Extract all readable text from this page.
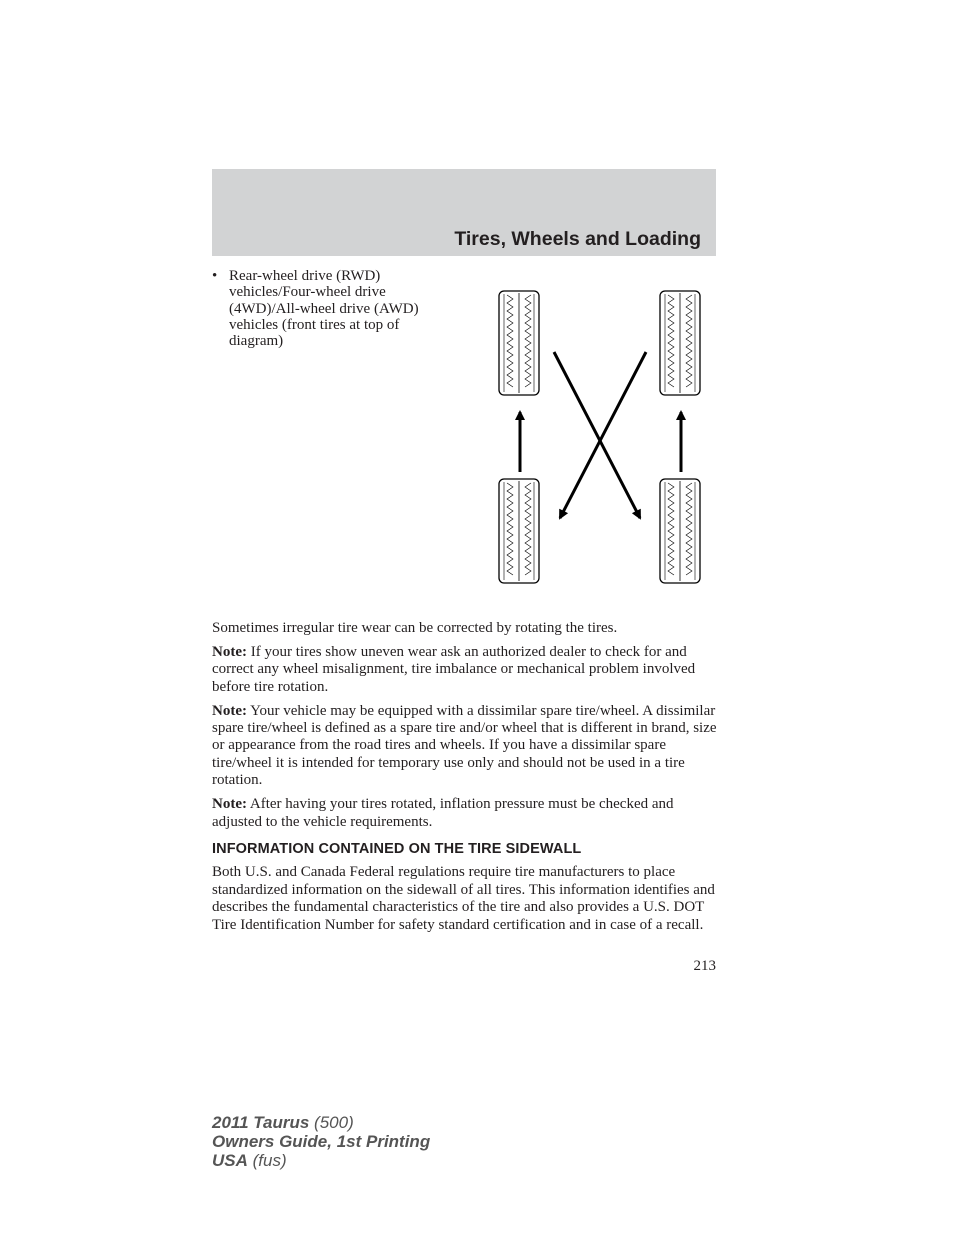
Tires, Wheels and Loading
• Rear-wheel drive (RWD) vehicles/Four-wheel drive (4WD)/All-wheel drive (AWD) vehicles (front tires at top of diagram)

Sometimes irregular tire wear can be corrected by rotating the tires.

Note: If your tires show uneven wear ask an authorized dealer to check for and correct any wheel misalignment, tire imbalance or mechanical problem involved before tire rotation.

Note: Your vehicle may be equipped with a dissimilar spare tire/wheel. A dissimilar spare tire/wheel is defined as a spare tire and/or wheel that is different in brand, size or appearance from the road tires and wheels. If you have a dissimilar spare tire/wheel it is intended for temporary use only and should not be used in a tire rotation.

Note: After having your tires rotated, inflation pressure must be checked and adjusted to the vehicle requirements.

INFORMATION CONTAINED ON THE TIRE SIDEWALL

Both U.S. and Canada Federal regulations require tire manufacturers to place standardized information on the sidewall of all tires. This information identifies and describes the fundamental characteristics of the tire and also provides a U.S. DOT Tire Identification Number for safety standard certification and in case of a recall.

213
2011 Taurus (500)
Owners Guide, 1st Printing
USA (fus)
